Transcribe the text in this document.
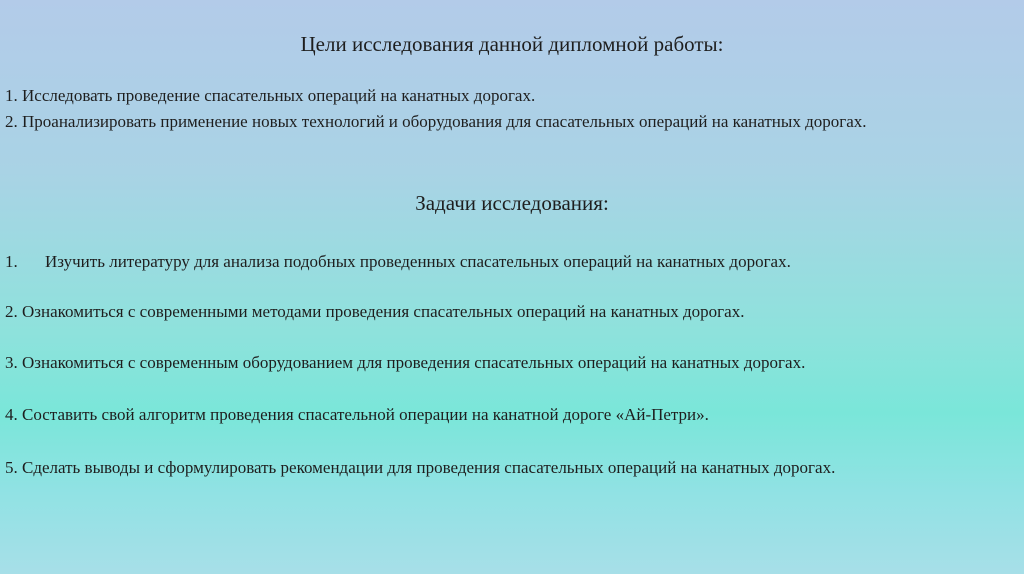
Цели исследования данной дипломной работы:

1. Исследовать проведение спасательных операций на канатных дорогах.

2. Проанализировать применение новых технологий и оборудования для спасательных операций на канатных дорогах.

Задачи исследования:

1. Изучить литературу для анализа подобных проведенных спасательных операций на канатных дорогах.

2. Ознакомиться с современными методами проведения спасательных операций на канатных дорогах.

3. Ознакомиться с современным оборудованием для проведения спасательных операций на канатных дорогах.

4. Составить свой алгоритм проведения спасательной операции на канатной дороге «Ай-Петри».

5. Сделать выводы и сформулировать рекомендации для проведения спасательных операций на канатных дорогах.
